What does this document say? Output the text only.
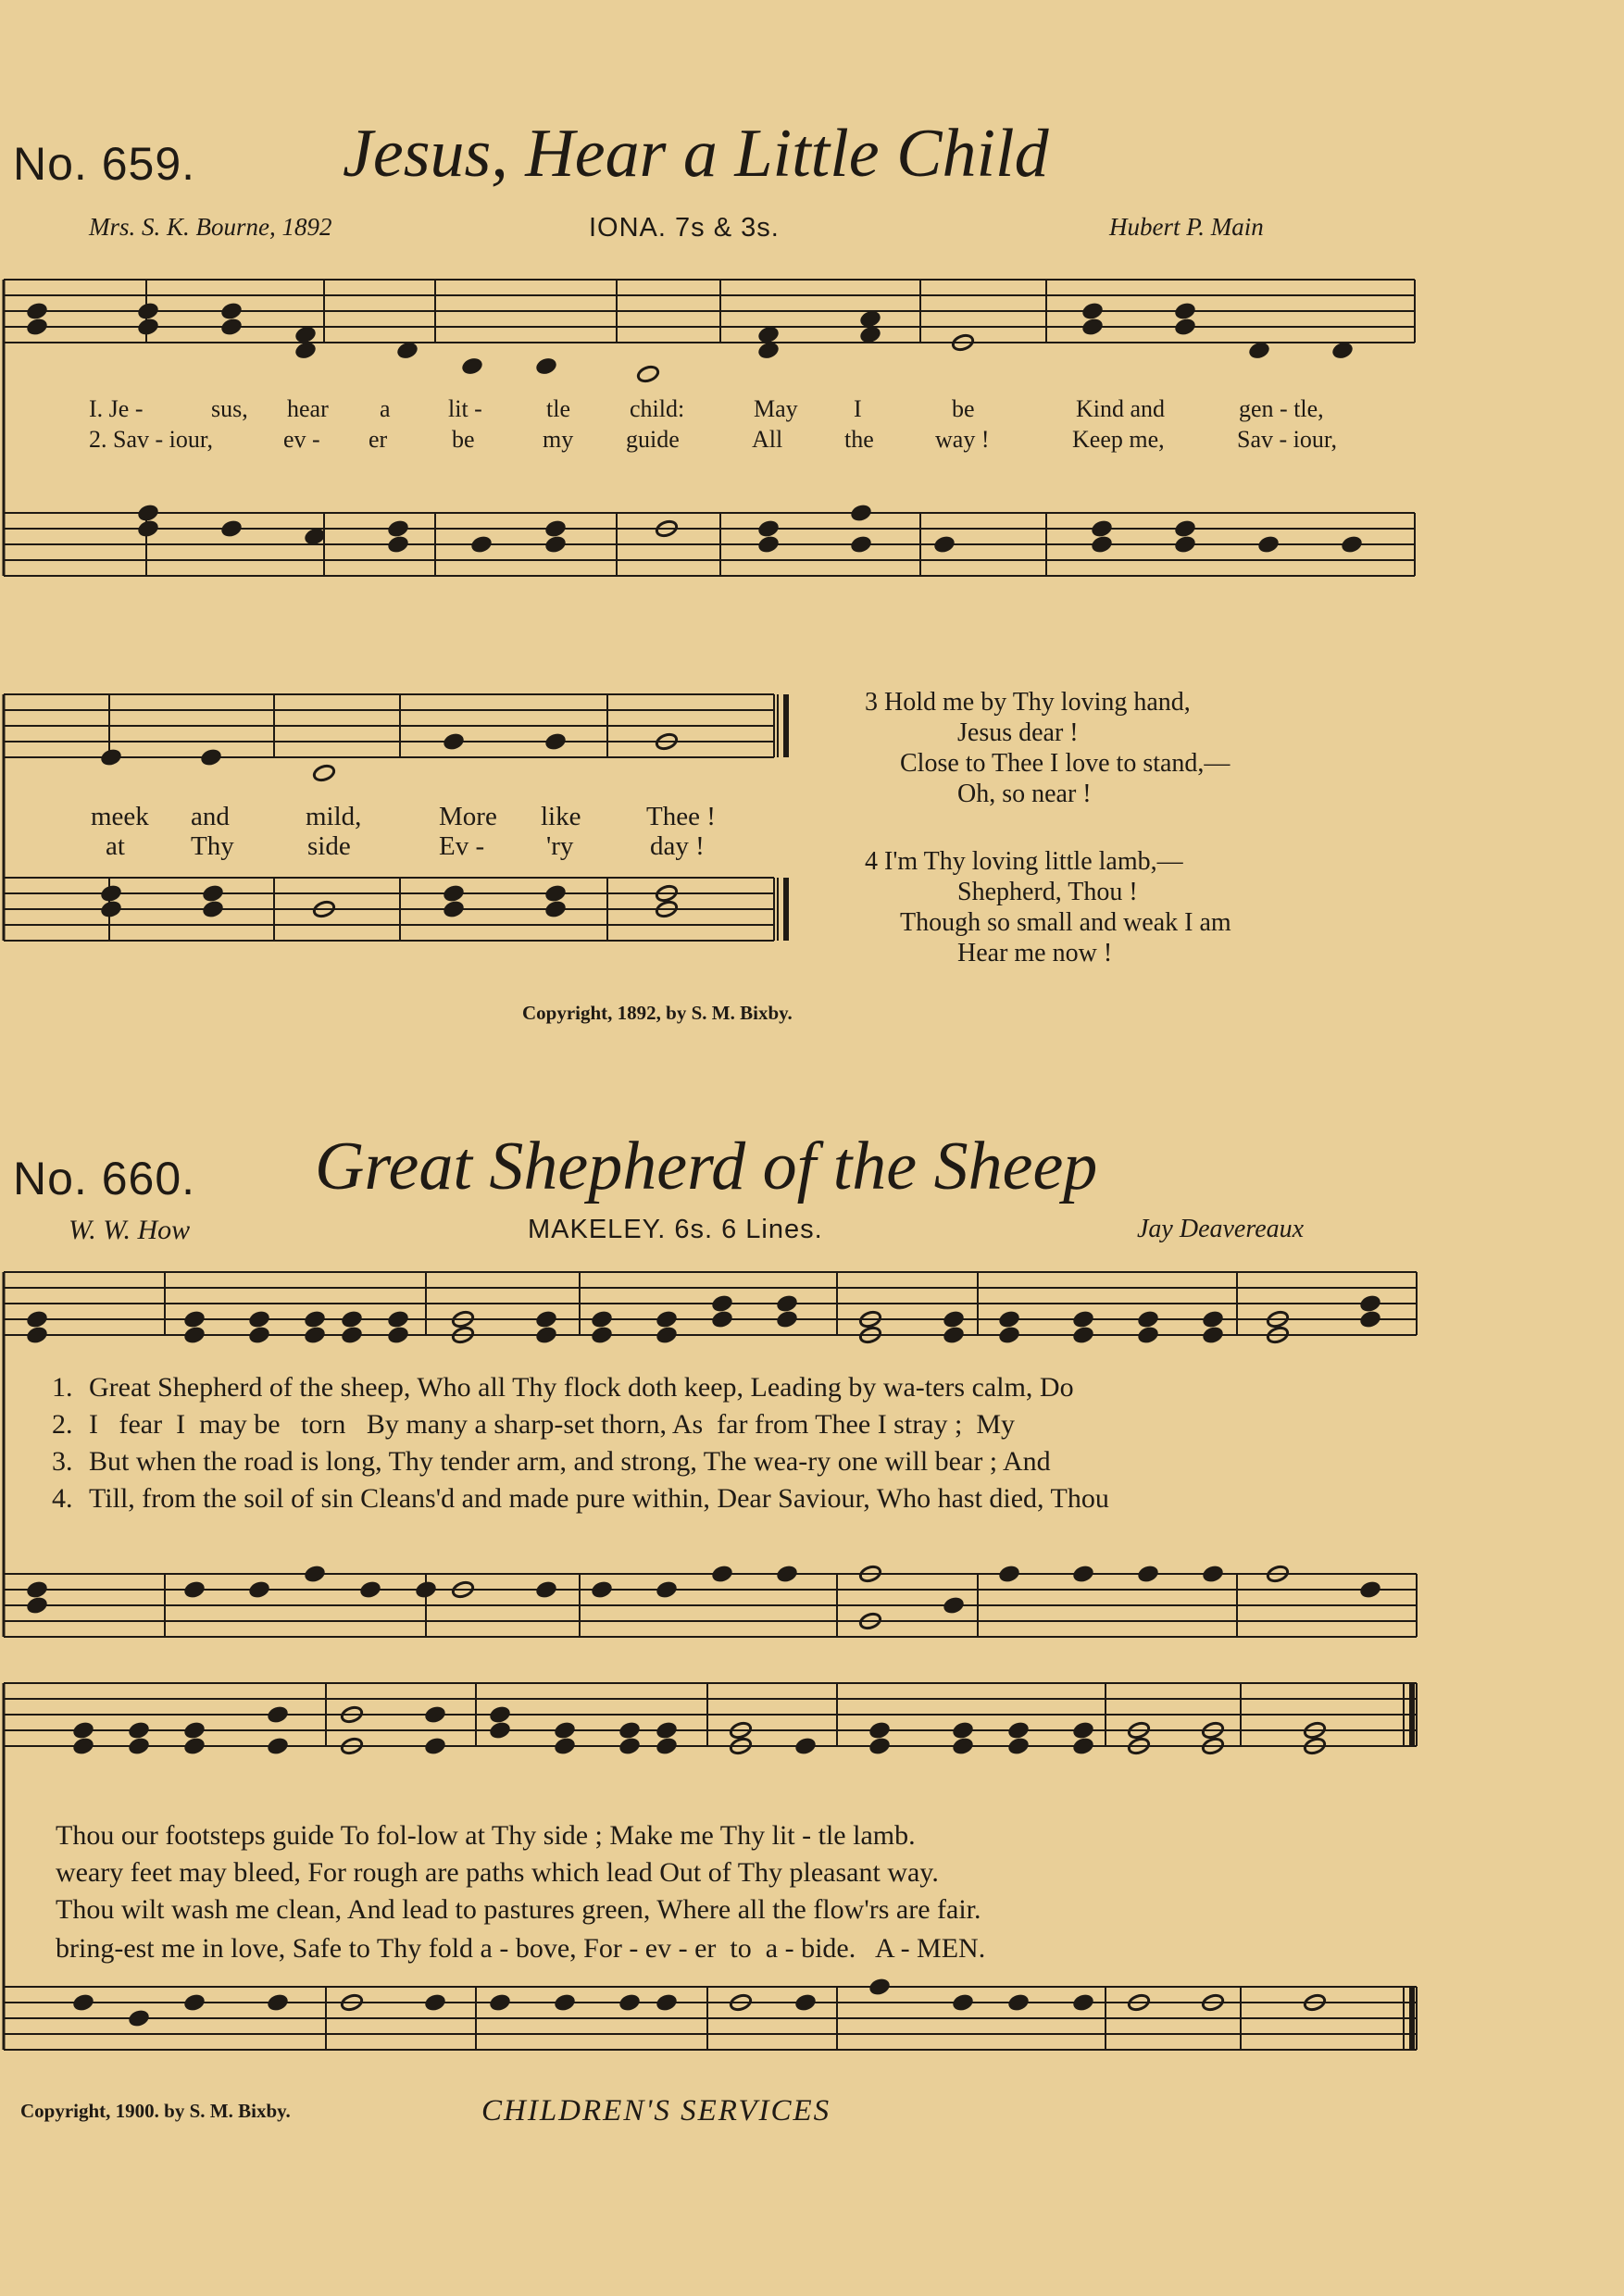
No. 659. Jesus, Hear a Little Child
Mrs. S. K. Bourne, 1892	IONA. 7s & 3s.	Hubert P. Main
I. Je -	sus, hear a lit -	tle child:	May I	be	Kind and	gen - tle,
2. Sav - iour,	ev - er	be	my guide	All	the	way !	Keep me,	Sav - iour,
meek and	mild,	More like Thee !
at Thy	side	Ev - 'ry	day !
3 Hold me by Thy loving hand,
Jesus dear !
Close to Thee I love to stand,—
Oh, so near !
4 I'm Thy loving little lamb,—
Shepherd, Thou !
Though so small and weak I am
Hear me now !
Copyright, 1892, by S. M. Bixby.
No. 660. Great Shepherd of the Sheep
W. W. How	MAKELEY. 6s. 6 Lines.	Jay Deavereaux
1. Great Shepherd of the sheep, Who all Thy flock doth keep, Leading by wa-ters calm, Do
2. I   fear  I  may be   torn   By many a sharp-set thorn, As  far from Thee I stray ;  My
3. But when the road is long, Thy tender arm, and strong, The wea-ry one will bear ; And
4. Till, from the soil of sin Cleans'd and made pure within, Dear Saviour, Who hast died, Thou
Thou our footsteps guide To fol-low at Thy side ; Make me Thy lit - tle lamb.
weary feet may bleed, For rough are paths which lead Out of Thy pleasant way.
Thou wilt wash me clean, And lead to pastures green, Where all the flow'rs are fair.
bring-est me in love, Safe to Thy fold a - bove, For - ev - er  to  a - bide.   A - MEN.
Copyright, 1900. by S. M. Bixby.	CHILDREN'S SERVICES
